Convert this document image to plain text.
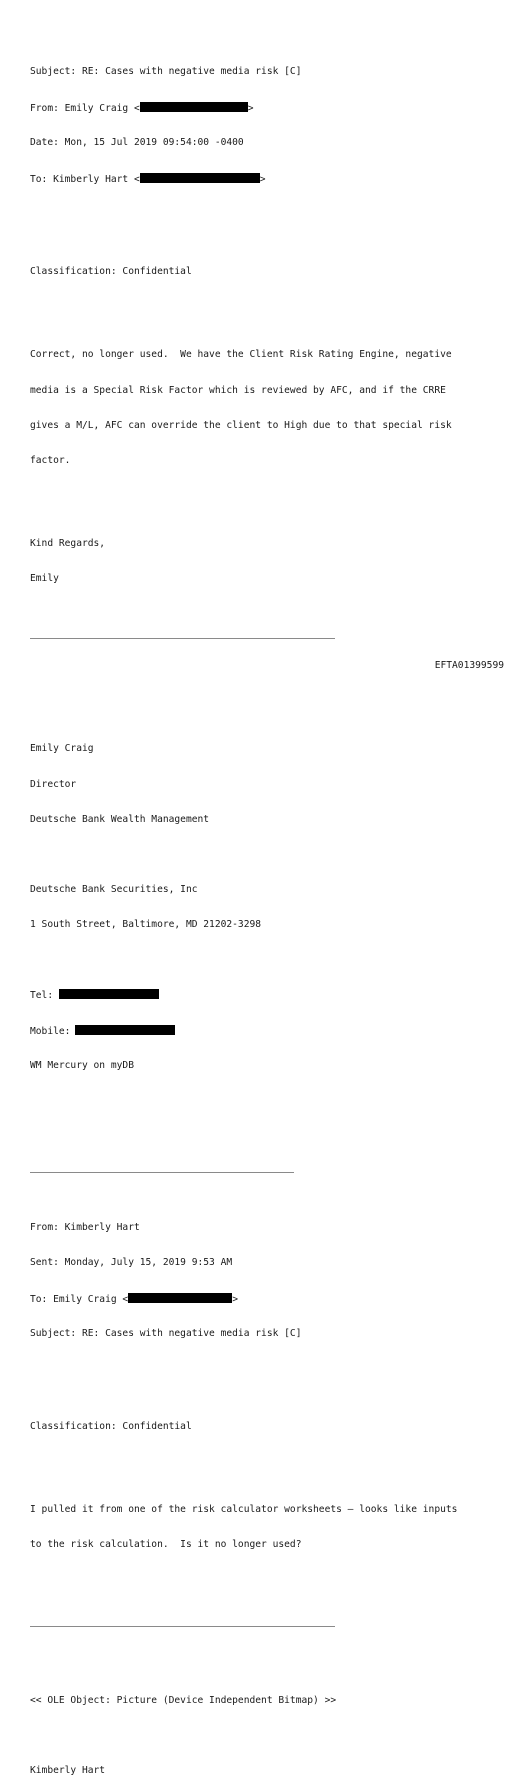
Subject: RE: Cases with negative media risk [C]

From: Emily Craig <	>

Date: Mon, 15 Jul 2019 09:54:00 -0400

To: Kimberly Hart <	>

Classification: Confidential

Correct, no longer used.  We have the Client Risk Rating Engine, negative

media is a Special Risk Factor which is reviewed by AFC, and if the CRRE

gives a M/L, AFC can override the client to High due to that special risk

factor.

Kind Regards,

Emily

Emily Craig

Director

Deutsche Bank Wealth Management

Deutsche Bank Securities, Inc

1 South Street, Baltimore, MD 21202-3298

Tel:

Mobile:

WM Mercury on myDB

From: Kimberly Hart

Sent: Monday, July 15, 2019 9:53 AM

To: Emily Craig <	>

Subject: RE: Cases with negative media risk [C]

Classification: Confidential

I pulled it from one of the risk calculator worksheets – looks like inputs

to the risk calculation.  Is it no longer used?

<< OLE Object: Picture (Device Independent Bitmap) >>

Kimberly Hart

EFTA01399599
